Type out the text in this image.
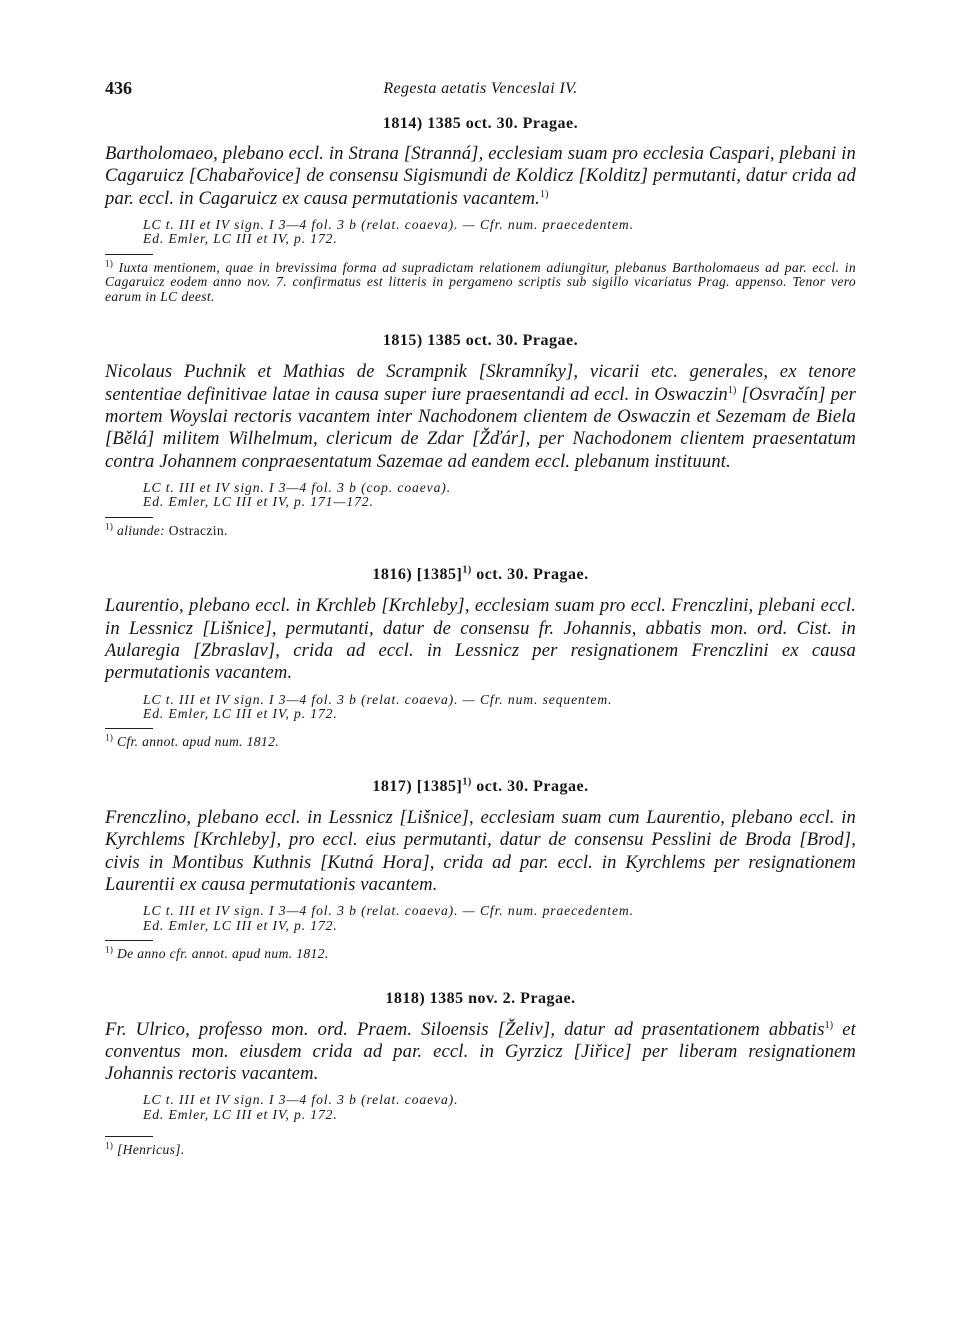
436	Regesta aetatis Venceslai IV.
1814) 1385 oct. 30. Pragae.

Bartholomaeo, plebano eccl. in Strana [Stranná], ecclesiam suam pro ecclesia Caspari, plebani in Cagaruicz [Chabařovice] de consensu Sigismundi de Koldicz [Kolditz] permutanti, datur crida ad par. eccl. in Cagaruicz ex causa permutationis vacantem.$^{1)}$

LC t. III et IV sign. I 3—4 fol. 3 b (relat. coaeva). — Cfr. num. praecedentem.
Ed. Emler, LC III et IV, p. 172.
$^{1)}$ Iuxta mentionem, quae in brevissima forma ad supradictam relationem adiungitur, plebanus Bartholomaeus ad par. eccl. in Cagaruicz eodem anno nov. 7. confirmatus est litteris in pergameno scriptis sub sigillo vicariatus Prag. appenso. Tenor vero earum in LC deest.
1815) 1385 oct. 30. Pragae.

Nicolaus Puchnik et Mathias de Scrampnik [Skramníky], vicarii etc. generales, ex tenore sententiae definitivae latae in causa super iure praesentandi ad eccl. in Oswaczin$^{1)}$ [Osvračín] per mortem Woyslai rectoris vacantem inter Nachodonem clientem de Oswaczin et Sezemam de Biela [Bělá] militem Wilhelmum, clericum de Zdar [Žďár], per Nachodonem clientem praesentatum contra Johannem conpraesentatum Sazemae ad eandem eccl. plebanum instituunt.

LC t. III et IV sign. I 3—4 fol. 3 b (cop. coaeva).
Ed. Emler, LC III et IV, p. 171—172.
$^{1)}$ aliunde: Ostraczin.
1816) $[1385]^{1)}$ oct. 30. Pragae.

Laurentio, plebano eccl. in Krchleb [Krchleby], ecclesiam suam pro eccl. Frenczlini, plebani eccl. in Lessnicz [Lišnice], permutanti, datur de consensu fr. Johannis, abbatis mon. ord. Cist. in Aularegia [Zbraslav], crida ad eccl. in Lessnicz per resignationem Frenczlini ex causa permutationis vacantem.

LC t. III et IV sign. I 3—4 fol. 3 b (relat. coaeva). — Cfr. num. sequentem.
Ed. Emler, LC III et IV, p. 172.
$^{1)}$ Cfr. annot. apud num. 1812.
1817) $[1385]^{1)}$ oct. 30. Pragae.

Frenczlino, plebano eccl. in Lessnicz [Lišnice], ecclesiam suam cum Laurentio, plebano eccl. in Kyrchlems [Krchleby], pro eccl. eius permutanti, datur de consensu Pesslini de Broda [Brod], civis in Montibus Kuthnis [Kutná Hora], crida ad par. eccl. in Kyrchlems per resignationem Laurentii ex causa permutationis vacantem.

LC t. III et IV sign. I 3—4 fol. 3 b (relat. coaeva). — Cfr. num. praecedentem.
Ed. Emler, LC III et IV, p. 172.
$^{1)}$ De anno cfr. annot. apud num. 1812.
1818) 1385 nov. 2. Pragae.

Fr. Ulrico, professo mon. ord. Praem. Siloensis [Želiv], datur ad prasentationem abbatis$^{1)}$ et conventus mon. eiusdem crida ad par. eccl. in Gyrzicz [Jiřice] per liberam resignationem Johannis rectoris vacantem.

LC t. III et IV sign. I 3—4 fol. 3 b (relat. coaeva).
Ed. Emler, LC III et IV, p. 172.
$^{1)}$ [Henricus].
